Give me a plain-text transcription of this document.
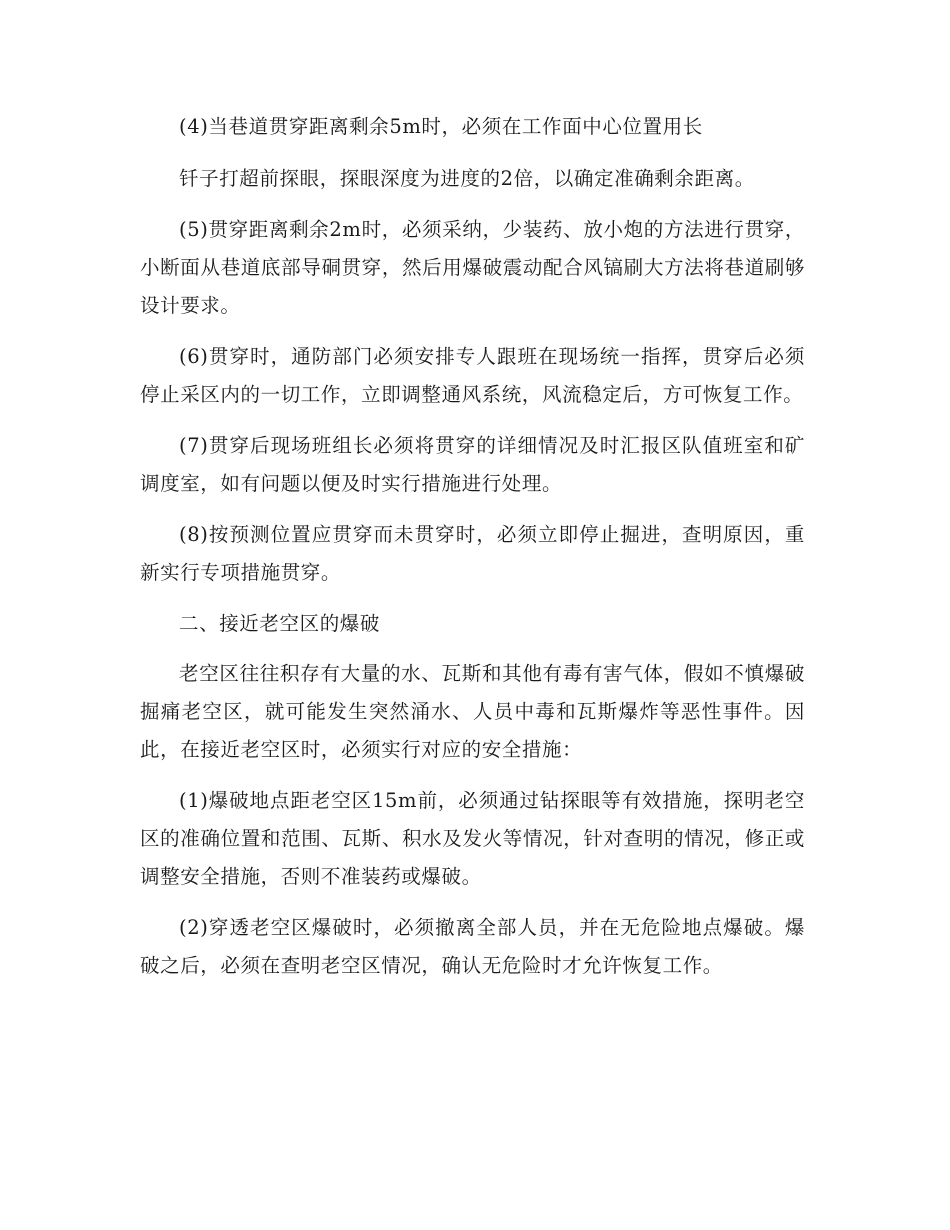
(4)当巷道贯穿距离剩余5m时，必须在工作面中心位置用长

钎子打超前探眼，探眼深度为进度的2倍，以确定准确剩余距离。

(5)贯穿距离剩余2m时，必须采纳，少装药、放小炮的方法进行贯穿，小断面从巷道底部导硐贯穿，然后用爆破震动配合风镐刷大方法将巷道刷够设计要求。

(6)贯穿时，通防部门必须安排专人跟班在现场统一指挥，贯穿后必须停止采区内的一切工作，立即调整通风系统，风流稳定后，方可恢复工作。

(7)贯穿后现场班组长必须将贯穿的详细情况及时汇报区队值班室和矿调度室，如有问题以便及时实行措施进行处理。

(8)按预测位置应贯穿而未贯穿时，必须立即停止掘进，查明原因，重新实行专项措施贯穿。

二、接近老空区的爆破

老空区往往积存有大量的水、瓦斯和其他有毒有害气体，假如不慎爆破掘痛老空区，就可能发生突然涌水、人员中毒和瓦斯爆炸等恶性事件。因此，在接近老空区时，必须实行对应的安全措施：

(1)爆破地点距老空区15m前，必须通过钻探眼等有效措施，探明老空区的准确位置和范围、瓦斯、积水及发火等情况，针对查明的情况，修正或调整安全措施，否则不准装药或爆破。

(2)穿透老空区爆破时，必须撤离全部人员，并在无危险地点爆破。爆破之后，必须在查明老空区情况，确认无危险时才允许恢复工作。
